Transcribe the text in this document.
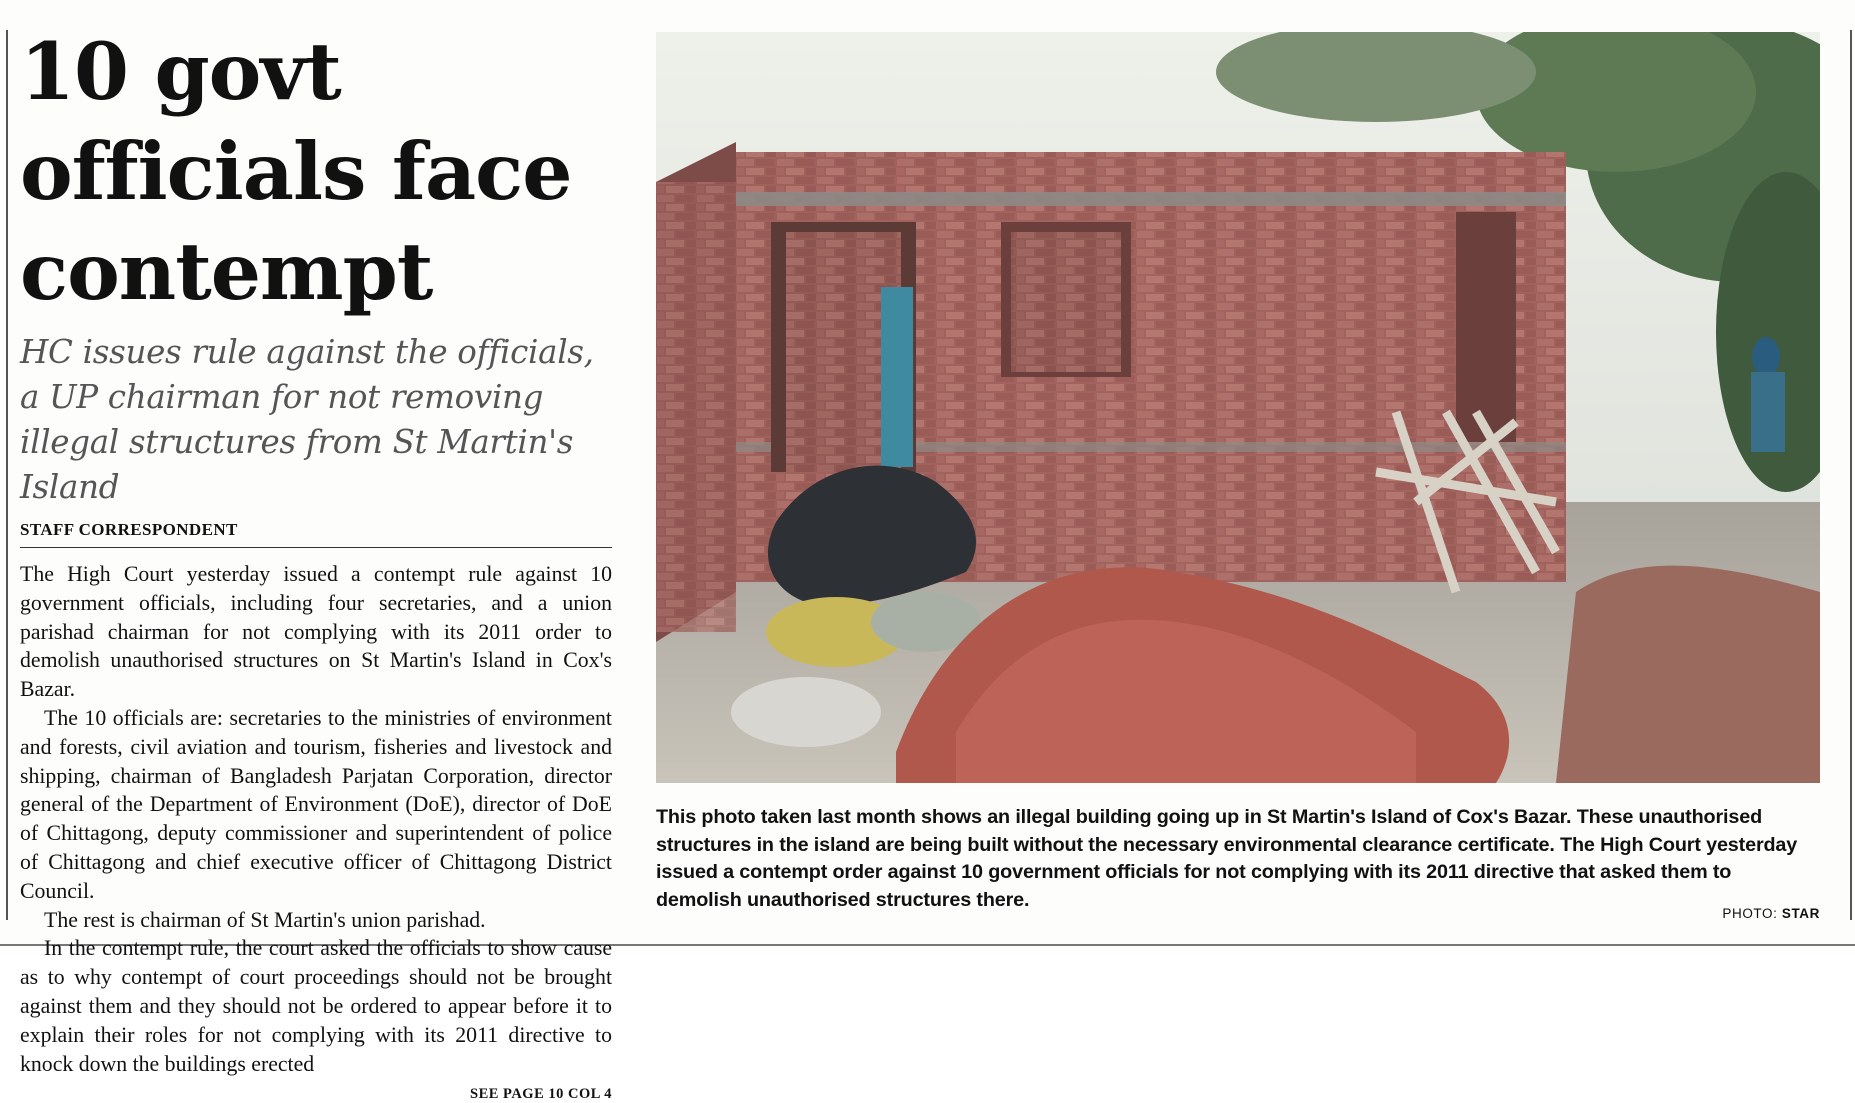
10 govt officials face contempt
HC issues rule against the officials, a UP chairman for not removing illegal structures from St Martin's Island
STAFF CORRESPONDENT

The High Court yesterday issued a contempt rule against 10 government officials, including four secretaries, and a union parishad chairman for not complying with its 2011 order to demolish unauthorised structures on St Martin's Island in Cox's Bazar.

The 10 officials are: secretaries to the ministries of environment and forests, civil aviation and tourism, fisheries and livestock and shipping, chairman of Bangladesh Parjatan Corporation, director general of the Department of Environment (DoE), director of DoE of Chittagong, deputy commissioner and superintendent of police of Chittagong and chief executive officer of Chittagong District Council.

The rest is chairman of St Martin's union parishad.

In the contempt rule, the court asked the officials to show cause as to why contempt of court proceedings should not be brought against them and they should not be ordered to appear before it to explain their roles for not complying with its 2011 directive to knock down the buildings erected

SEE PAGE 10 COL 4
This photo taken last month shows an illegal building going up in St Martin's Island of Cox's Bazar. These unauthorised structures in the island are being built without the necessary environmental clearance certificate. The High Court yesterday issued a contempt order against 10 government officials for not complying with its 2011 directive that asked them to demolish unauthorised structures there.
PHOTO: STAR
